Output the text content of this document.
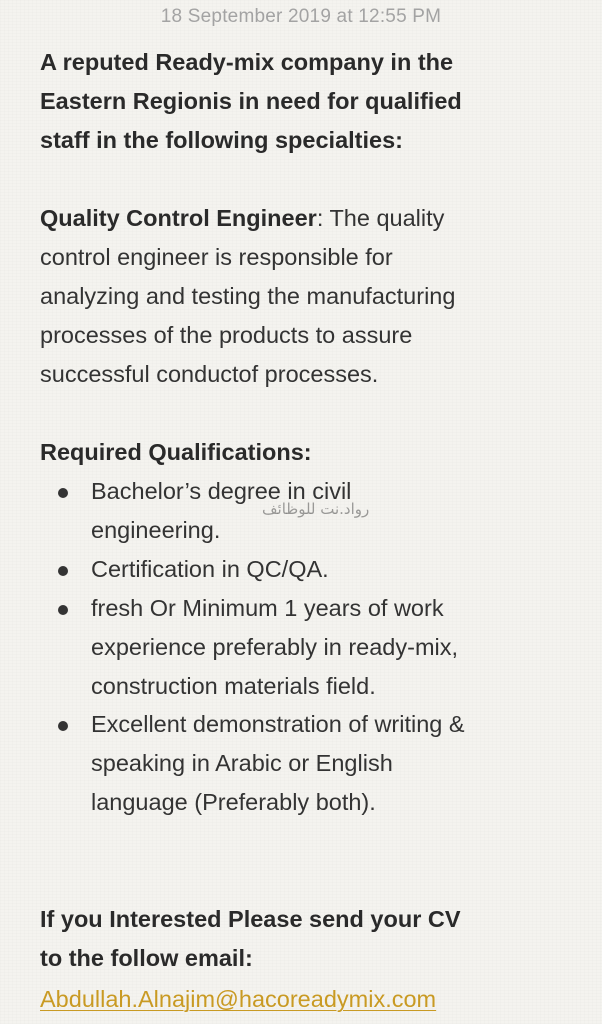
18 September 2019 at 12:55 PM
A reputed Ready-mix company in the
Eastern Regionis in need for qualified
staff in the following specialties:
Quality Control Engineer: The quality
control engineer is responsible for
analyzing and testing the manufacturing
processes of the products to assure
successful conductof processes.
Required Qualifications:
Bachelor’s degree in civil
engineering.
Certification in QC/QA.
fresh Or Minimum 1 years of work
experience preferably in ready-mix,
construction materials field.
Excellent demonstration of writing &
speaking in Arabic or English
language (Preferably both).
رواد.نت للوظائف
If you Interested Please send your CV
to the follow email:
Abdullah.Alnajim@hacoreadymix.com
